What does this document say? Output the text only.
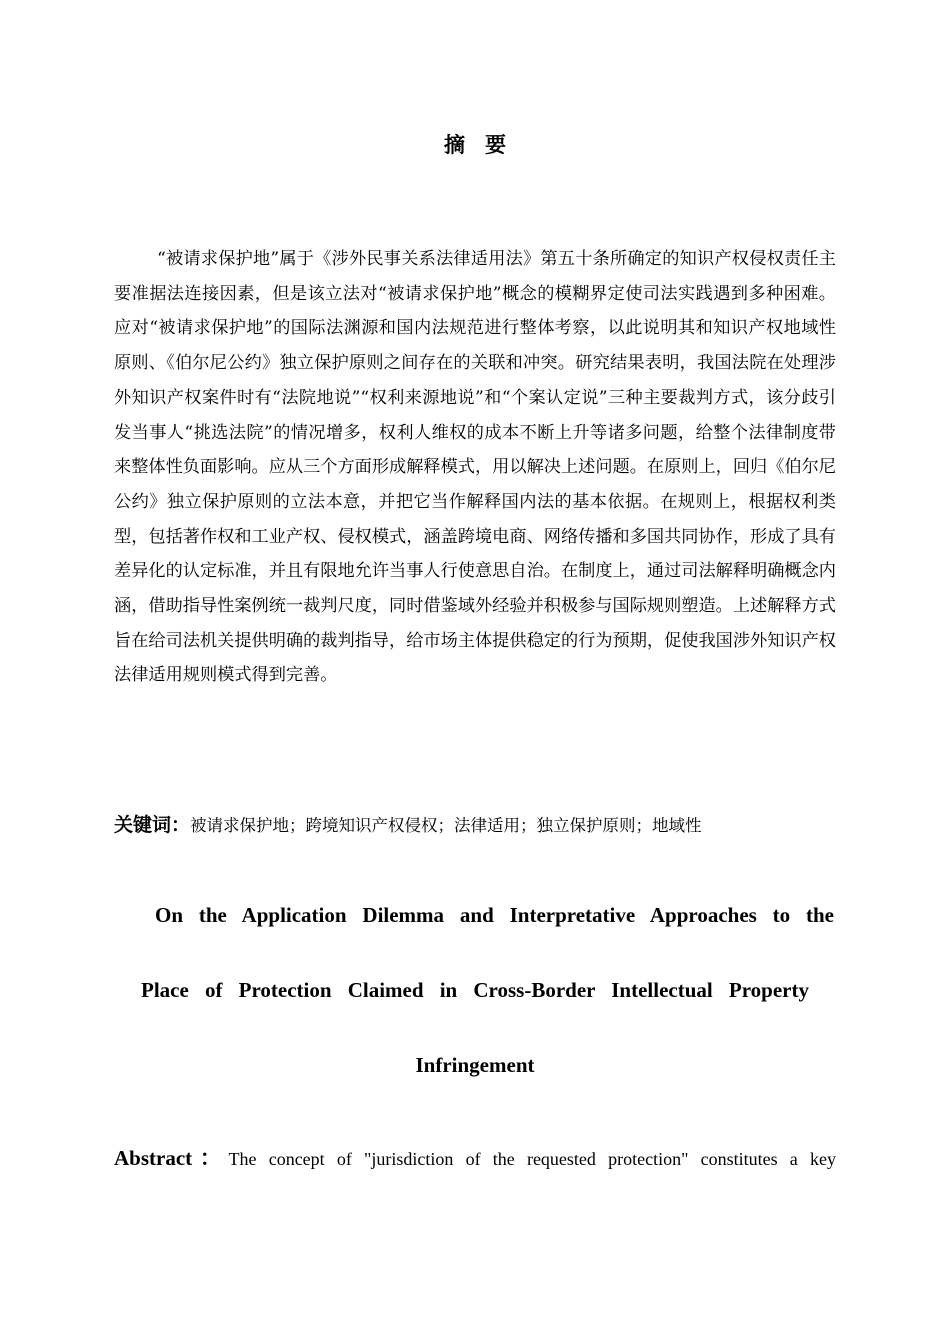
摘要

“被请求保护地”属于《涉外民事关系法律适用法》第五十条所确定的知识产权侵权责任主要准据法连接因素，但是该立法对“被请求保护地”概念的模糊界定使司法实践遇到多种困难。应对“被请求保护地”的国际法渊源和国内法规范进行整体考察，以此说明其和知识产权地域性原则、《伯尔尼公约》独立保护原则之间存在的关联和冲突。研究结果表明，我国法院在处理涉外知识产权案件时有“法院地说”“权利来源地说”和“个案认定说”三种主要裁判方式，该分歧引发当事人“挑选法院”的情况增多，权利人维权的成本不断上升等诸多问题，给整个法律制度带来整体性负面影响。应从三个方面形成解释模式，用以解决上述问题。在原则上，回归《伯尔尼公约》独立保护原则的立法本意，并把它当作解释国内法的基本依据。在规则上，根据权利类型，包括著作权和工业产权、侵权模式，涵盖跨境电商、网络传播和多国共同协作，形成了具有差异化的认定标准，并且有限地允许当事人行使意思自治。在制度上，通过司法解释明确概念内涵，借助指导性案例统一裁判尺度，同时借鉴域外经验并积极参与国际规则塑造。上述解释方式旨在给司法机关提供明确的裁判指导，给市场主体提供稳定的行为预期，促使我国涉外知识产权法律适用规则模式得到完善。

关键词：被请求保护地；跨境知识产权侵权；法律适用；独立保护原则；地域性
On the Application Dilemma and Interpretative Approaches to the
Place of Protection Claimed in Cross-Border Intellectual Property
Infringement
Abstract：The concept of "jurisdiction of the requested protection" constitutes a key
